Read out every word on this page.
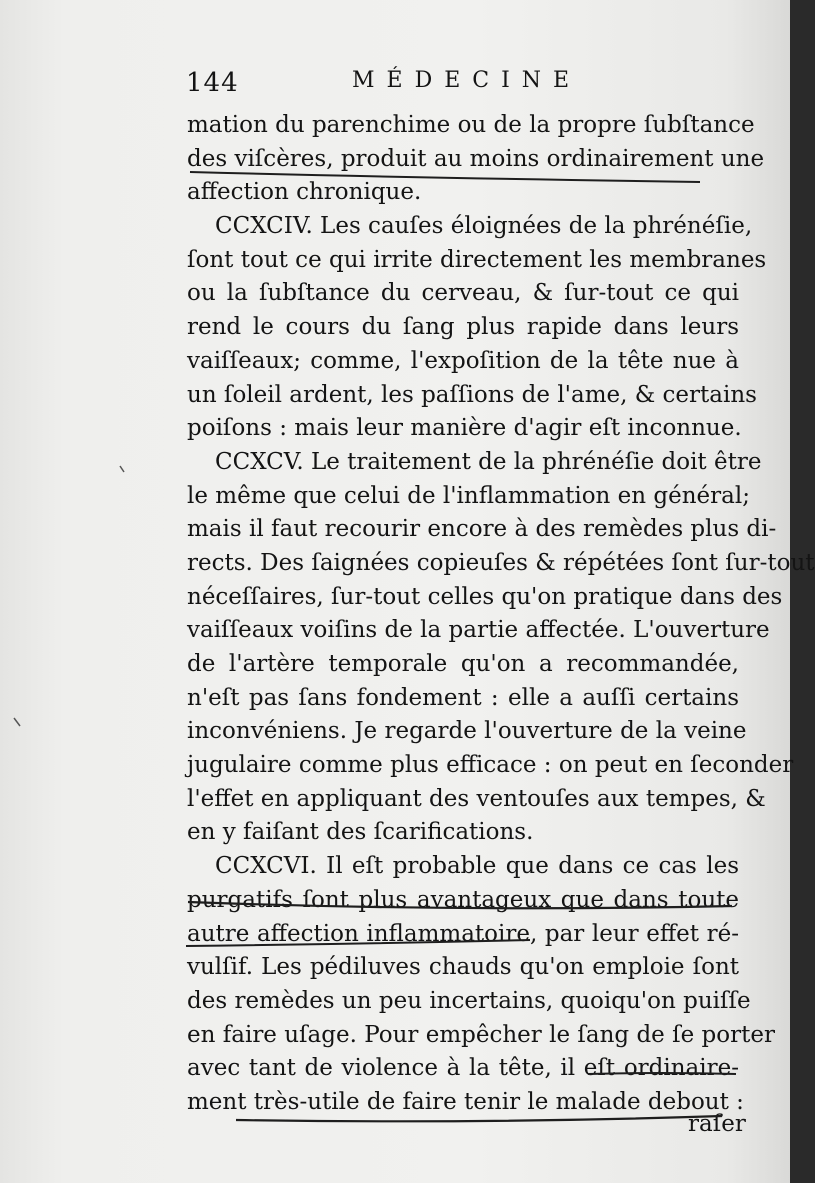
144	MÉDECINE
mation du parenchime ou de la propre ſubſtance
des viſcères, produit au moins ordinairement une
affection chronique.
CCXCIV. Les cauſes éloignées de la phrénéſie,
ſont tout ce qui irrite directement les membranes
ou la ſubſtance du cerveau, & ſur-tout ce qui
rend le cours du ſang plus rapide dans leurs
vaiſſeaux; comme, l'expoſition de la tête nue à
un ſoleil ardent, les paſſions de l'ame, & certains
poiſons : mais leur manière d'agir eſt inconnue.
CCXCV. Le traitement de la phrénéſie doit être
le même que celui de l'inflammation en général;
mais il faut recourir encore à des remèdes plus di-
rects. Des ſaignées copieuſes & répétées ſont ſur-tout
néceſſaires, ſur-tout celles qu'on pratique dans des
vaiſſeaux voiſins de la partie affectée. L'ouverture
de l'artère temporale qu'on a recommandée,
n'eſt pas ſans fondement : elle a auſſi certains
inconvéniens. Je regarde l'ouverture de la veine
jugulaire comme plus efficace : on peut en ſeconder
l'effet en appliquant des ventouſes aux tempes, &
en y faiſant des ſcarifications.
CCXCVI. Il eſt probable que dans ce cas les
purgatifs ſont plus avantageux que dans toute
autre affection inflammatoire, par leur effet ré-
vulſif. Les pédiluves chauds qu'on emploie ſont
des remèdes un peu incertains, quoiqu'on puiſſe
en faire uſage. Pour empêcher le ſang de ſe porter
avec tant de violence à la tête, il eſt ordinaire-
ment très-utile de faire tenir le malade debout :
raſer
